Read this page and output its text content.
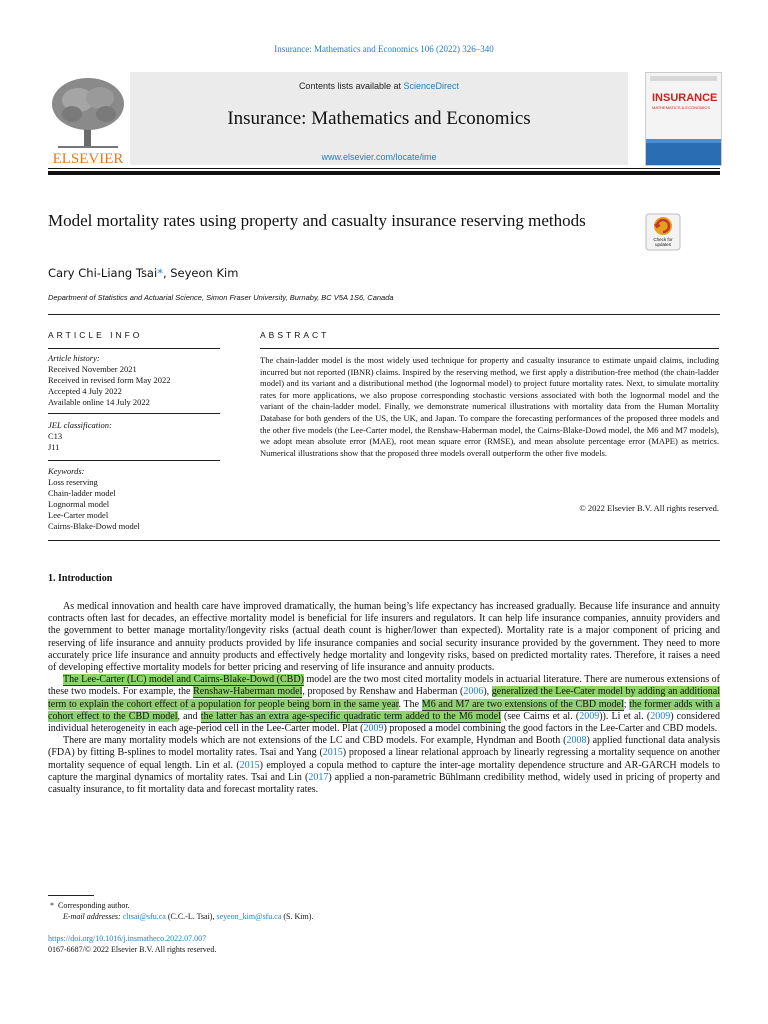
Insurance: Mathematics and Economics 106 (2022) 326–340
ELSEVIER
Contents lists available at ScienceDirect
Insurance: Mathematics and Economics
www.elsevier.com/locate/ime
INSURANCE
MATHEMATICS & ECONOMICS
Model mortality rates using property and casualty insurance reserving methods
Check for updates
Cary Chi-Liang Tsai*, Seyeon Kim
Department of Statistics and Actuarial Science, Simon Fraser University, Burnaby, BC V5A 1S6, Canada
ARTICLE INFO
Article history:
Received November 2021
Received in revised form May 2022
Accepted 4 July 2022
Available online 14 July 2022
JEL classification:
C13
J11
Keywords:
Loss reserving
Chain-ladder model
Lognormal model
Lee-Carter model
Cairns-Blake-Dowd model
ABSTRACT
The chain-ladder model is the most widely used technique for property and casualty insurance to estimate unpaid claims, including incurred but not reported (IBNR) claims. Inspired by the reserving method, we first apply a distribution-free method (the chain-ladder model) and its variant and a distributional method (the lognormal model) to project future mortality rates. Next, to simulate mortality rates for more applications, we also propose corresponding stochastic versions associated with both the lognormal model and the variant of the chain-ladder model. Finally, we demonstrate numerical illustrations with mortality data from the Human Mortality Database for both genders of the US, the UK, and Japan. To compare the forecasting performances of the proposed three models and the other five models (the Lee-Carter model, the Renshaw-Haberman model, the Cairns-Blake-Dowd model, the M6 and M7 models), we adopt mean absolute error (MAE), root mean square error (RMSE), and mean absolute percentage error (MAPE) as metrics. Numerical illustrations show that the proposed three models overall outperform the other five models.
© 2022 Elsevier B.V. All rights reserved.
1. Introduction

As medical innovation and health care have improved dramatically, the human being’s life expectancy has increased gradually. Because life insurance and annuity contracts often last for decades, an effective mortality model is beneficial for life insurers and regulators. It can help life insurance companies, annuity providers and the government to better manage mortality/longevity risks (actual death count is higher/lower than expected). Mortality rate is a major component of pricing and reserving of life insurance and annuity products provided by life insurance companies and social security insurance provided by the government. They need to more accurately price life insurance and annuity products and effectively hedge mortality and longevity risks, based on predicted mortality rates. Therefore, it raises a need of developing effective mortality models for better pricing and reserving of life insurance and annuity products.

The Lee-Carter (LC) model and Cairns-Blake-Dowd (CBD) model are the two most cited mortality models in actuarial literature. There are numerous extensions of these two models. For example, the Renshaw-Haberman model, proposed by Renshaw and Haberman (2006), generalized the Lee-Cater model by adding an additional term to explain the cohort effect of a population for people being born in the same year. The M6 and M7 are two extensions of the CBD model; the former adds with a cohort effect to the CBD model, and the latter has an extra age-specific quadratic term added to the M6 model (see Cairns et al. (2009)). Li et al. (2009) considered individual heterogeneity in each age-period cell in the Lee-Carter model. Plat (2009) proposed a model combining the good factors in the Lee-Carter and CBD models.

There are many mortality models which are not extensions of the LC and CBD models. For example, Hyndman and Booth (2008) applied functional data analysis (FDA) by fitting B-splines to model mortality rates. Tsai and Yang (2015) proposed a linear relational approach by linearly regressing a mortality sequence on another mortality sequence of equal length. Lin et al. (2015) employed a copula method to capture the inter-age mortality dependence structure and AR-GARCH models to capture the marginal dynamics of mortality rates. Tsai and Lin (2017) applied a non-parametric Bühlmann credibility method, widely used in pricing of property and casualty insurance, to fit mortality data and forecast mortality rates.

* Corresponding author.
E-mail addresses: cltsai@sfu.ca (C.C.-L. Tsai), seyeon_kim@sfu.ca (S. Kim).
https://doi.org/10.1016/j.insmatheco.2022.07.007
0167-6687/© 2022 Elsevier B.V. All rights reserved.
